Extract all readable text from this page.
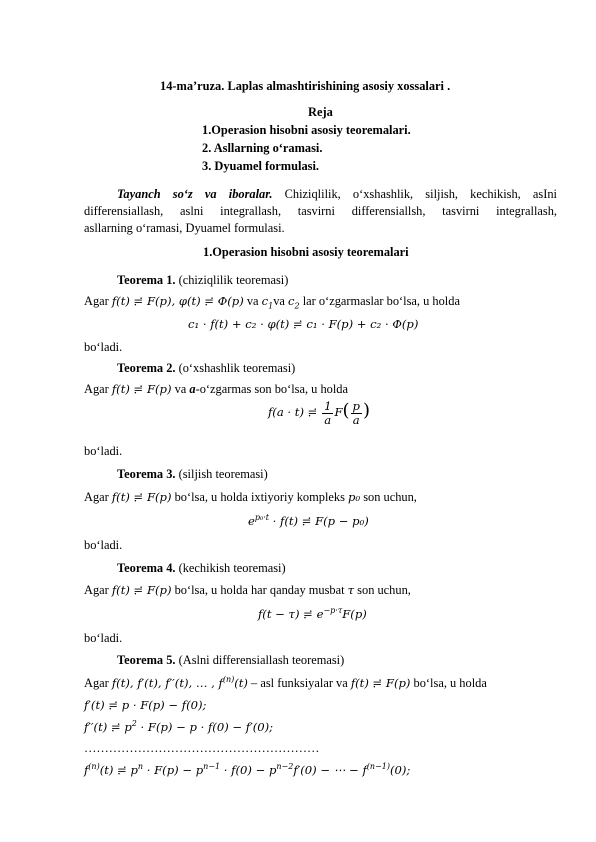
14-ma’ruza. Laplas almashtirishining asosiy xossalari .
Reja
1.Operasion hisobni asosiy teoremalari.
2. Asllarning o‘ramasi.
3. Dyuamel formulasi.
Tayanch so‘z va iboralar. Chiziqlilik, o‘xshashlik, siljish, kechikish, asIni
differensiallash, aslni integrallash, tasvirni differensiallsh, tasvirni integrallash,
asllarning o‘ramasi, Dyuamel formulasi.
1.Operasion hisobni asosiy teoremalari
Teorema 1. (chiziqlilik teoremasi)
Agar f(t) ≓ F(p), φ(t) ≓ Φ(p) va $c_1va$ $c_2$ lar o‘zgarmaslar bo‘lsa, u holda
c₁ · f(t) + c₂ · φ(t) ≓ c₁ · F(p) + c₂ · Φ(p)
bo‘ladi.
Teorema 2. (o‘xshashlik teoremasi)
Agar f(t) ≓ F(p) va a-o‘zgarmas son bo‘lsa, u holda
f(a · t) ≓ $\frac{1}{a} F( \frac{p}{a}$ )
bo‘ladi.
Teorema 3. (siljish teoremasi)
Agar f(t) ≓ F(p) bo‘lsa, u holda ixtiyoriy kompleks p₀ son uchun,
$e^{p_0\cdot t} \cdot f(t)$ ≓ F(p − p₀)
bo‘ladi.
Teorema 4. (kechikish teoremasi)
Agar f(t) ≓ F(p) bo‘lsa, u holda har qanday musbat τ son uchun,
f(t − τ) ≓ $e^{-p\cdot\tau}F(p)$
bo‘ladi.
Teorema 5. (Aslni differensiallash teoremasi)
Agar f(t), f′(t), f′′(t), … , $f^{(n)}(t)$ – asl funksiyalar va f(t) ≓ F(p) bo‘lsa, u holda
f′(t) ≓ p · F(p) − f(0);
f′′(t) ≓ $p^2 \cdot F(p) - p \cdot f(0) - f'(0)$;
…………………………………………………
$f^{(n)}(t)$ ≓ $p^n \cdot F(p) - p^{n-1} \cdot f(0) - p^{n-2}f'(0)$ − ⋯ − $f^{(n-1)}(0)$;
